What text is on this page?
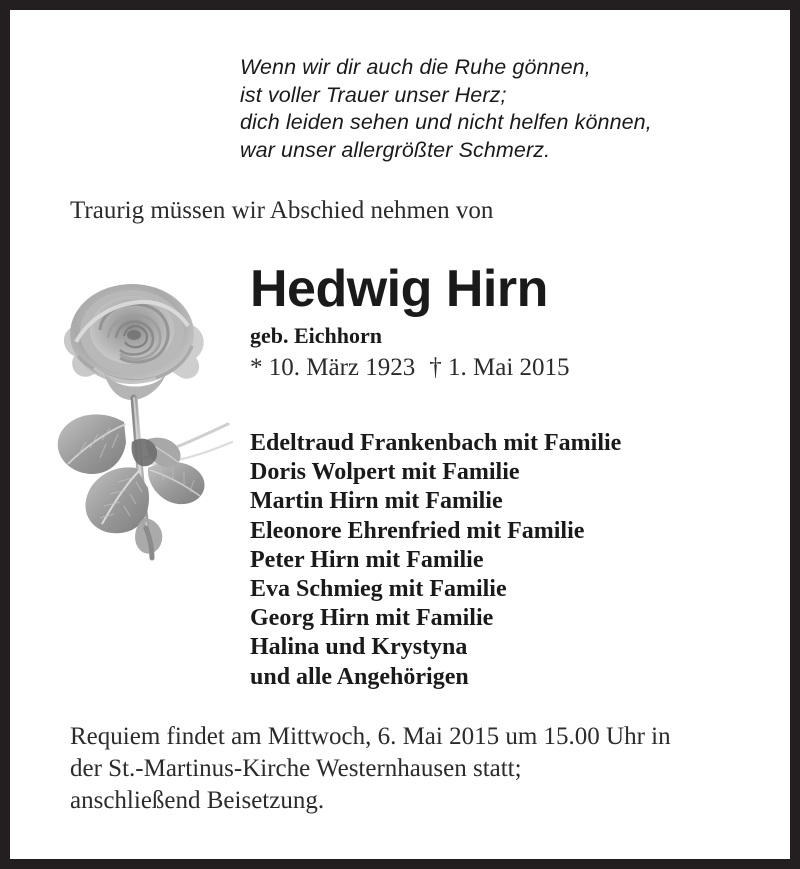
Wenn wir dir auch die Ruhe gönnen,
ist voller Trauer unser Herz;
dich leiden sehen und nicht helfen können,
war unser allergrößter Schmerz.
Traurig müssen wir Abschied nehmen von
Hedwig Hirn
geb. Eichhorn
* 10. März 1923 † 1. Mai 2015
Edeltraud Frankenbach mit Familie
Doris Wolpert mit Familie
Martin Hirn mit Familie
Eleonore Ehrenfried mit Familie
Peter Hirn mit Familie
Eva Schmieg mit Familie
Georg Hirn mit Familie
Halina und Krystyna
und alle Angehörigen
Requiem findet am Mittwoch, 6. Mai 2015 um 15.00 Uhr in
der St.-Martinus-Kirche Westernhausen statt;
anschließend Beisetzung.
